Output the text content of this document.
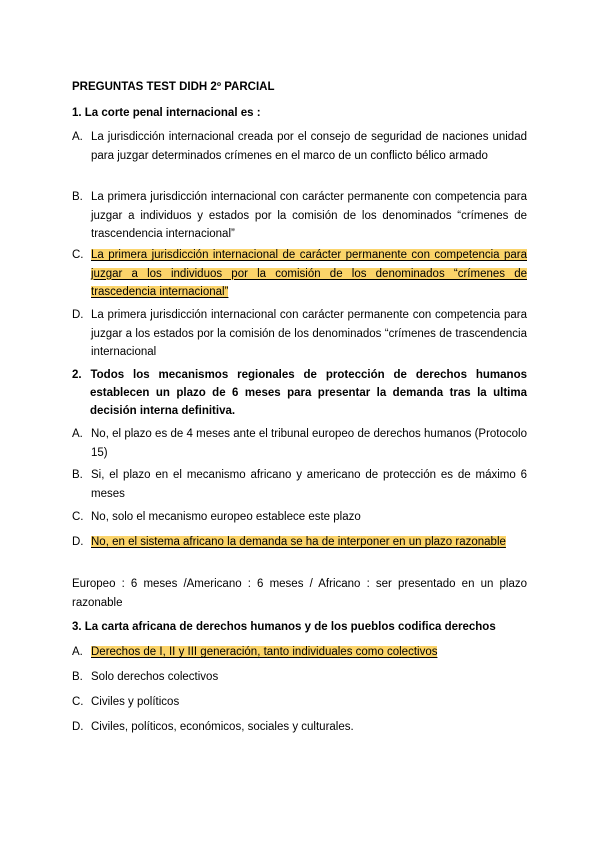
PREGUNTAS TEST DIDH 2º PARCIAL
1. La corte penal internacional es :
A. La jurisdicción internacional creada por el consejo de seguridad de naciones unidad para juzgar determinados crímenes en el marco de un conflicto bélico armado
B. La primera jurisdicción internacional con carácter permanente con competencia para juzgar a individuos y estados por la comisión de los denominados “crímenes de trascendencia internacional”
C. La primera jurisdicción internacional de carácter permanente con competencia para juzgar a los individuos por la comisión de los denominados “crímenes de trascedencia internacional”
D. La primera jurisdicción internacional con carácter permanente con competencia para juzgar a los estados por la comisión de los denominados “crímenes de trascendencia internacional
2. Todos los mecanismos regionales de protección de derechos humanos establecen un plazo de 6 meses para presentar la demanda tras la ultima decisión interna definitiva.
A. No, el plazo es de 4 meses ante el tribunal europeo de derechos humanos (Protocolo 15)
B. Si, el plazo en el mecanismo africano y americano de protección es de máximo 6 meses
C. No, solo el mecanismo europeo establece este plazo
D. No, en el sistema africano la demanda se ha de interponer en un plazo razonable
Europeo : 6 meses /Americano : 6 meses / Africano : ser presentado en un plazo razonable
3. La carta africana de derechos humanos y de los pueblos codifica derechos
A. Derechos de I, II y III generación, tanto individuales como colectivos
B. Solo derechos colectivos
C. Civiles y políticos
D. Civiles, políticos, económicos, sociales y culturales.
